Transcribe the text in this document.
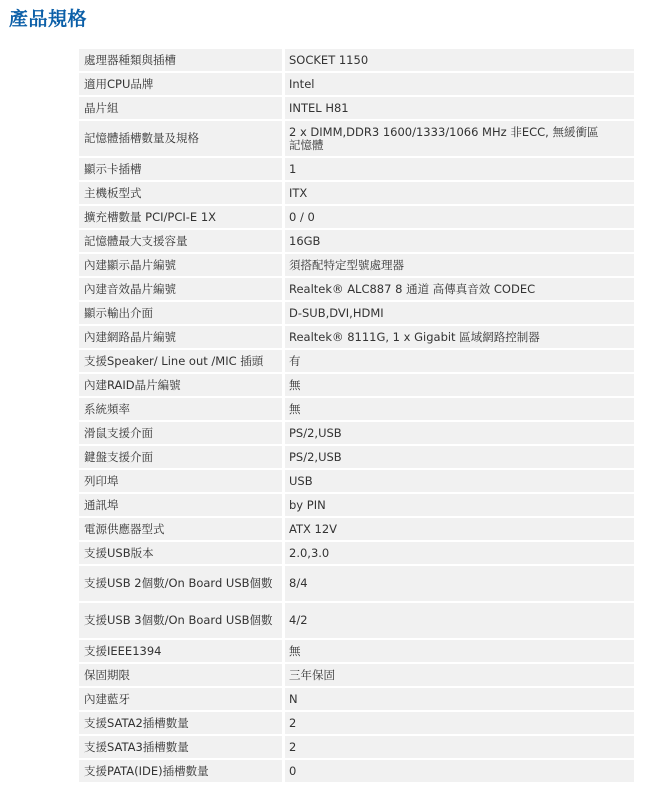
產品規格
處理器種類與插槽	SOCKET 1150
適用CPU品牌	Intel
晶片組	INTEL H81
記憶體插槽數量及規格	2 x DIMM,DDR3 1600/1333/1066 MHz 非ECC, 無緩衝區 記憶體
顯示卡插槽	1
主機板型式	ITX
擴充槽數量 PCI/PCI-E 1X	0 / 0
記憶體最大支援容量	16GB
內建顯示晶片編號	須搭配特定型號處理器
內建音效晶片編號	Realtek® ALC887 8 通道 高傳真音效 CODEC
顯示輸出介面	D-SUB,DVI,HDMI
內建網路晶片編號	Realtek® 8111G, 1 x Gigabit 區域網路控制器
支援Speaker/ Line out /MIC 插頭	有
內建RAID晶片編號	無
系統頻率	無
滑鼠支援介面	PS/2,USB
鍵盤支援介面	PS/2,USB
列印埠	USB
通訊埠	by PIN
電源供應器型式	ATX 12V
支援USB版本	2.0,3.0
支援USB 2個數/On Board USB個數	8/4
支援USB 3個數/On Board USB個數	4/2
支援IEEE1394	無
保固期限	三年保固
內建藍牙	N
支援SATA2插槽數量	2
支援SATA3插槽數量	2
支援PATA(IDE)插槽數量	0
